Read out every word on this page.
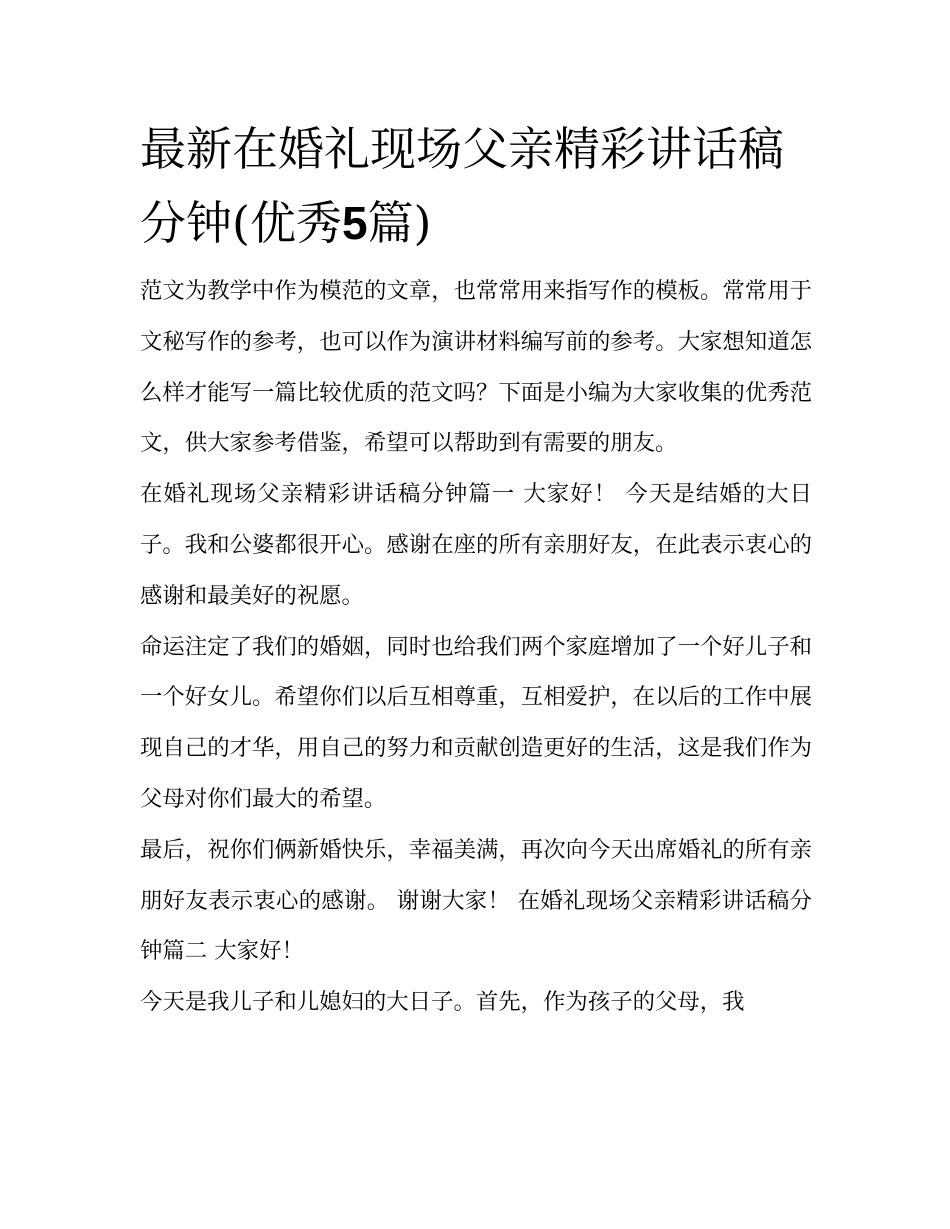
最新在婚礼现场父亲精彩讲话稿分钟(优秀5篇)

范文为教学中作为模范的文章，也常常用来指写作的模板。常常用于文秘写作的参考，也可以作为演讲材料编写前的参考。大家想知道怎么样才能写一篇比较优质的范文吗？下面是小编为大家收集的优秀范文，供大家参考借鉴，希望可以帮助到有需要的朋友。

在婚礼现场父亲精彩讲话稿分钟篇一 大家好！ 今天是结婚的大日子。我和公婆都很开心。感谢在座的所有亲朋好友，在此表示衷心的感谢和最美好的祝愿。

命运注定了我们的婚姻，同时也给我们两个家庭增加了一个好儿子和一个好女儿。希望你们以后互相尊重，互相爱护，在以后的工作中展现自己的才华，用自己的努力和贡献创造更好的生活，这是我们作为父母对你们最大的希望。

最后，祝你们俩新婚快乐，幸福美满，再次向今天出席婚礼的所有亲朋好友表示衷心的感谢。 谢谢大家！ 在婚礼现场父亲精彩讲话稿分钟篇二 大家好！

今天是我儿子和儿媳妇的大日子。首先，作为孩子的父母，我
